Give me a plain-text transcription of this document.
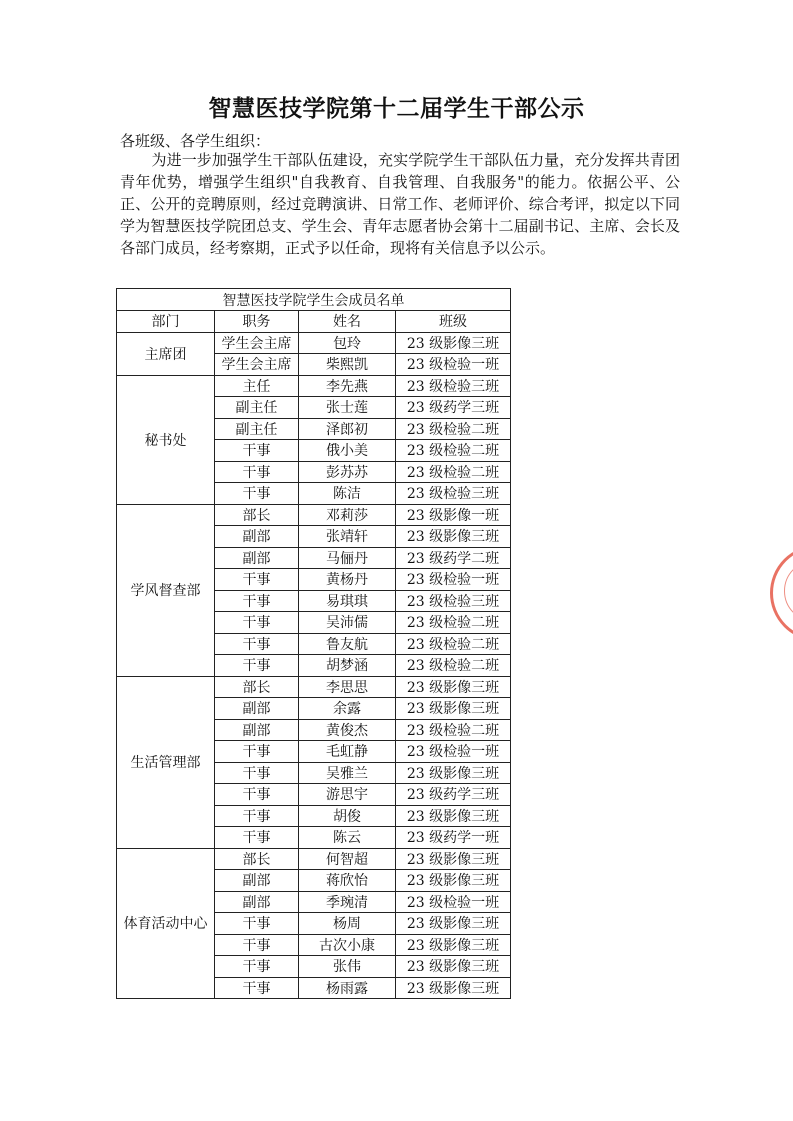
智慧医技学院第十二届学生干部公示
各班级、各学生组织：
为进一步加强学生干部队伍建设，充实学院学生干部队伍力量，充分发挥共青团青年优势，增强学生组织"自我教育、自我管理、自我服务"的能力。依据公平、公正、公开的竞聘原则，经过竞聘演讲、日常工作、老师评价、综合考评，拟定以下同学为智慧医技学院团总支、学生会、青年志愿者协会第十二届副书记、主席、会长及各部门成员，经考察期，正式予以任命，现将有关信息予以公示。
智慧医技学院学生会成员名单			
部门	职务	姓名	班级
主席团	学生会主席	包玲	23 级影像三班
	学生会主席	柴熙凯	23 级检验一班
秘书处	主任	李先燕	23 级检验三班
	副主任	张士莲	23 级药学三班
	副主任	泽郎初	23 级检验二班
	干事	俄小美	23 级检验二班
	干事	彭苏苏	23 级检验二班
	干事	陈洁	23 级检验三班
学风督查部	部长	邓莉莎	23 级影像一班
	副部	张靖轩	23 级影像三班
	副部	马俪丹	23 级药学二班
	干事	黄杨丹	23 级检验一班
	干事	易琪琪	23 级检验三班
	干事	吴沛儒	23 级检验二班
	干事	鲁友航	23 级检验二班
	干事	胡梦涵	23 级检验二班
生活管理部	部长	李思思	23 级影像三班
	副部	余露	23 级影像三班
	副部	黄俊杰	23 级检验二班
	干事	毛虹静	23 级检验一班
	干事	吴雅兰	23 级影像三班
	干事	游思宇	23 级药学三班
	干事	胡俊	23 级影像三班
	干事	陈云	23 级药学一班
体育活动中心	部长	何智超	23 级影像三班
	副部	蒋欣怡	23 级影像三班
	副部	季琬清	23 级检验一班
	干事	杨周	23 级影像三班
	干事	古次小康	23 级影像三班
	干事	张伟	23 级影像三班
	干事	杨雨露	23 级影像三班
